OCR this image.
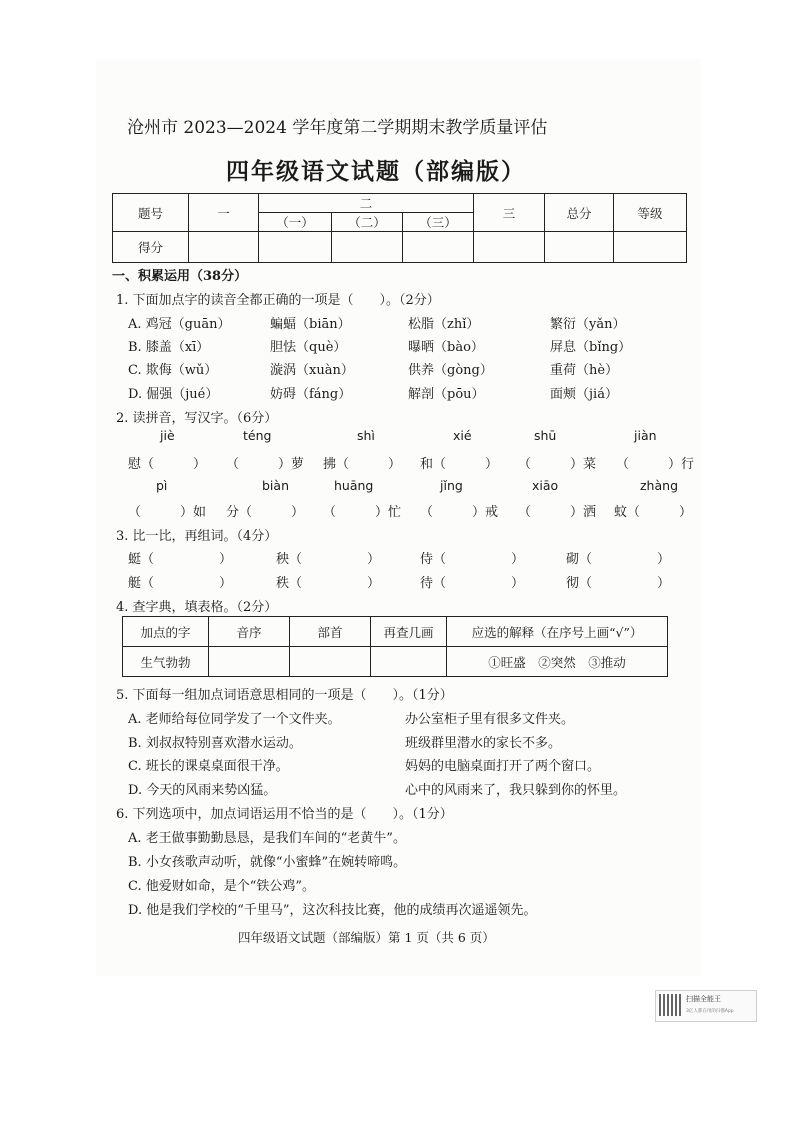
沧州市 2023—2024 学年度第二学期期末教学质量评估
四年级语文试题（部编版）
题号	一	二			三	总分	等级
		（一）	（二）	（三）			
得分							
一、积累运用（38分）
1. 下面加点字的读音全都正确的一项是（　　）。（2分）
A. 鸡冠（guān）	蝙蝠（biān）	松脂（zhǐ）	繁衍（yǎn）
B. 膝盖（xī）	胆怯（què）	曝晒（bào）	屏息（bǐng）
C. 欺侮（wǔ）	漩涡（xuàn）	供养（gòng）	重荷（hè）
D. 倔强（jué）	妨碍（fáng）	解剖（pōu）	面颊（jiá）
2. 读拼音，写汉字。（6分）
jiè	téng	shì	xié	shū	jiàn
慰（　　　） （　　　）萝 拂（　　　） 和（　　　） （　　　）菜 （　　　）行
pì	biàn	huāng	jǐng	xiāo	zhàng
（　　　）如 分（　　　） （　　　）忙 （　　　）戒 （　　　）洒 蚊（　　　）
3. 比一比，再组词。（4分）
蜓（　　　　　）	秧（　　　　　）	侍（　　　　　）	砌（　　　　　）
艇（　　　　　）	秩（　　　　　）	待（　　　　　）	彻（　　　　　）
4. 查字典，填表格。（2分）
加点的字	音序	部首	再查几画	应选的解释（在序号上画“√”）
生气勃勃				①旺盛　②突然　③推动
5. 下面每一组加点词语意思相同的一项是（　　）。（1分）
A. 老师给每位同学发了一个文件夹。	办公室柜子里有很多文件夹。
B. 刘叔叔特别喜欢潜水运动。	班级群里潜水的家长不多。
C. 班长的课桌桌面很干净。	妈妈的电脑桌面打开了两个窗口。
D. 今天的风雨来势凶猛。	心中的风雨来了，我只躲到你的怀里。
6. 下列选项中，加点词语运用不恰当的是（　　）。（1分）
A. 老王做事勤勤恳恳，是我们车间的“老黄牛”。
B. 小女孩歌声动听，就像“小蜜蜂”在婉转啼鸣。
C. 他爱财如命，是个“铁公鸡”。
D. 他是我们学校的“千里马”，这次科技比赛，他的成绩再次遥遥领先。
四年级语文试题（部编版）第 1 页（共 6 页）
扫描全能王
3亿人都在用的扫描App
